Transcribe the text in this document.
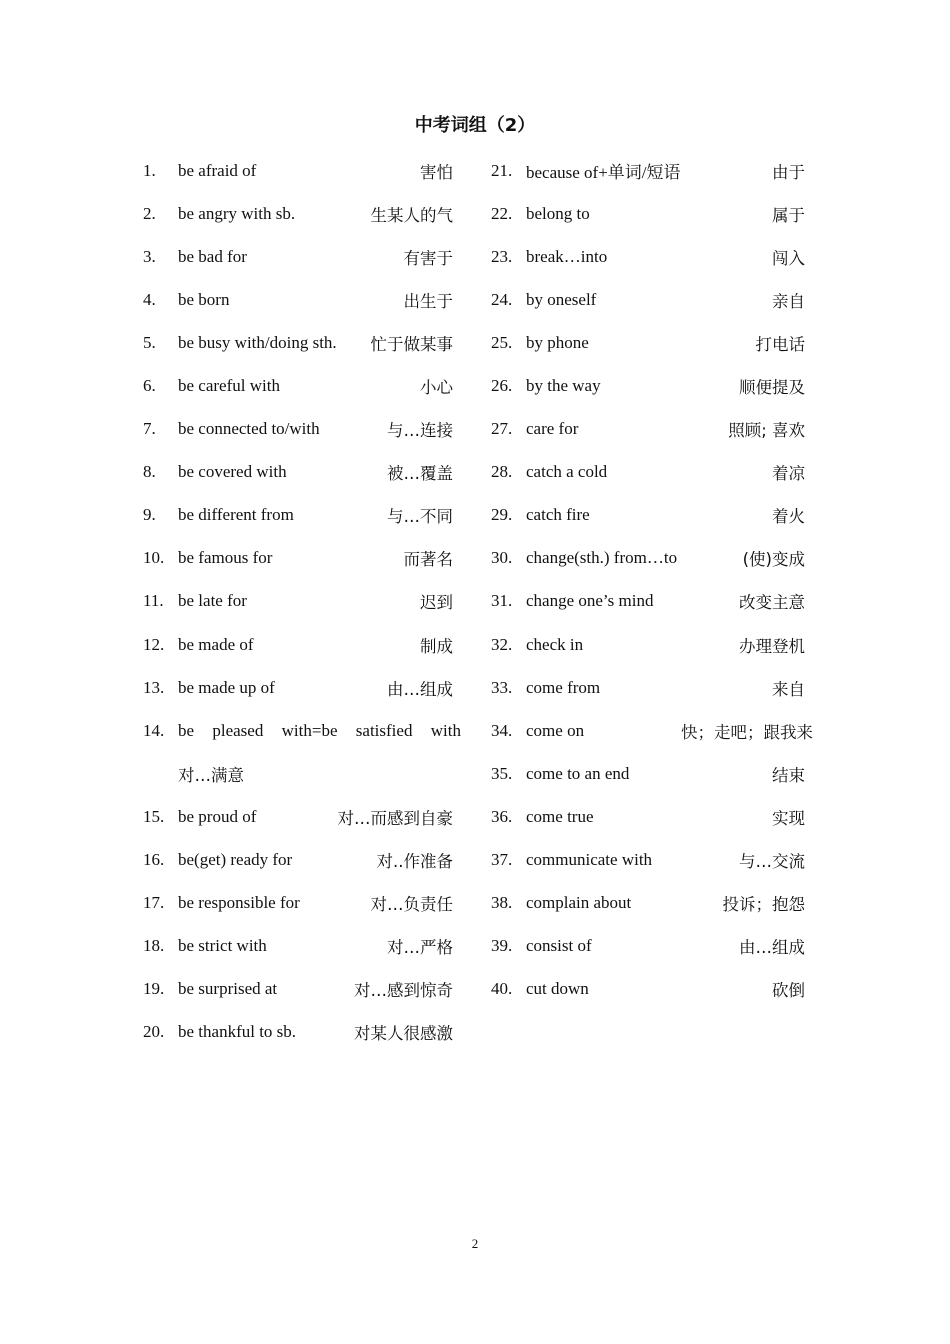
中考词组（2）
1.	be afraid of	害怕
2.	be angry with sb.	生某人的气
3.	be bad for	有害于
4.	be born	出生于
5.	be busy with/doing sth.	忙于做某事
6.	be careful with	小心
7.	be connected to/with	与…连接
8.	be covered with	被…覆盖
9.	be different from	与…不同
10. be famous for	而著名
11. be late for	迟到
12. be made of	制成
13. be made up of	由…组成
14. be pleased with=be satisfied with
对…满意
15. be proud of	对…而感到自豪
16. be(get) ready for	对..作准备
17. be responsible for	对…负责任
18. be strict with	对…严格
19. be surprised at	对…感到惊奇
20. be thankful to sb.	对某人很感激
21. because of+单词/短语	由于
22. belong to	属于
23. break…into	闯入
24. by oneself	亲自
25. by phone	打电话
26. by the way	顺便提及
27. care for	照顾; 喜欢
28. catch a cold	着凉
29. catch fire	着火
30. change(sth.) from…to	(使)变成
31. change one’s mind	改变主意
32. check in	办理登机
33. come from	来自
34. come on	快；走吧；跟我来
35. come to an end	结束
36. come true	实现
37. communicate with	与…交流
38. complain about	投诉；抱怨
39. consist of	由…组成
40. cut down	砍倒
2
